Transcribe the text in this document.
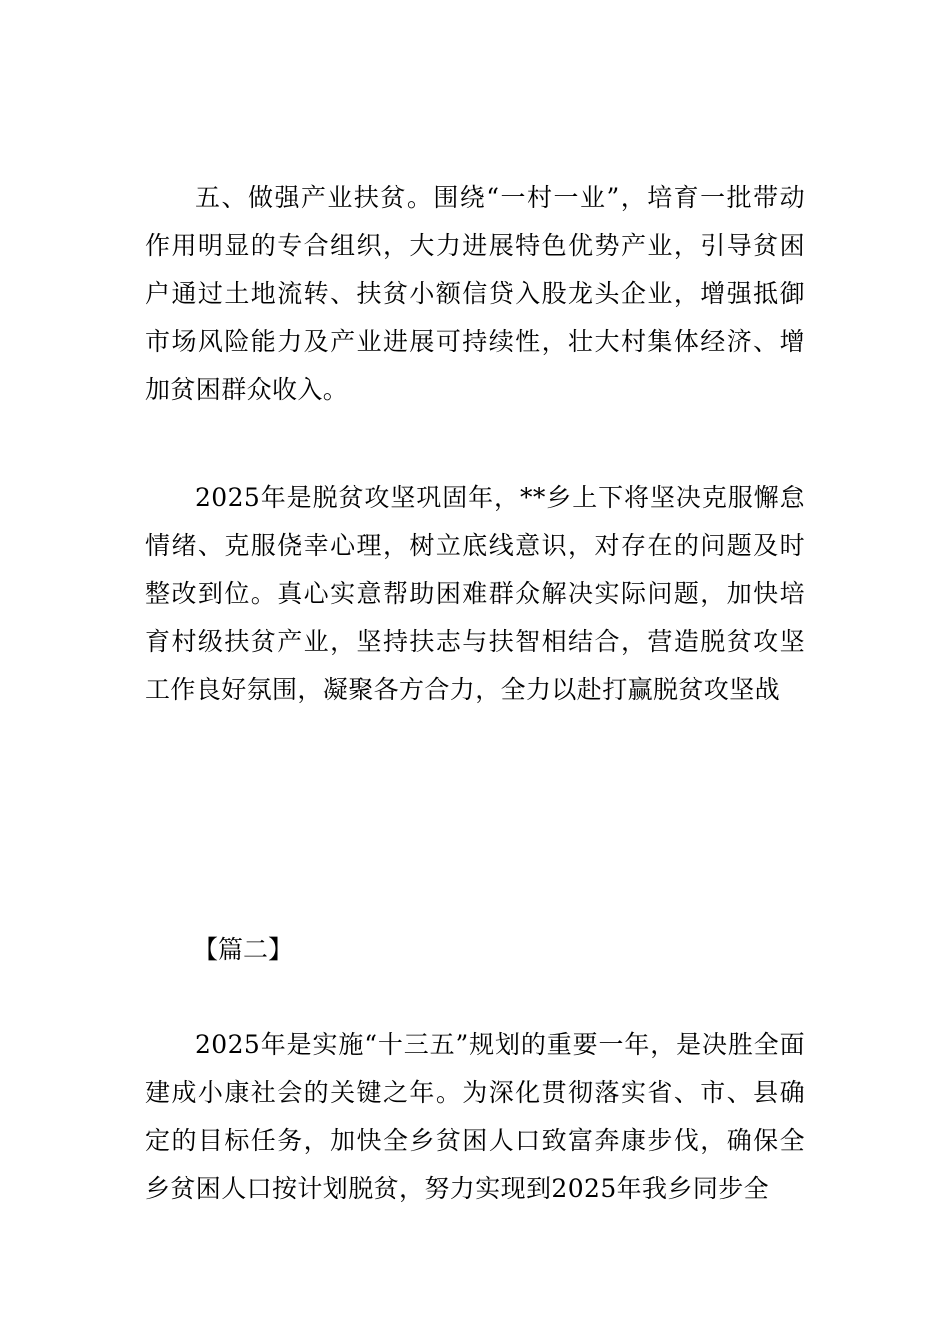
五、做强产业扶贫。围绕“一村一业”，培育一批带动作用明显的专合组织，大力进展特色优势产业，引导贫困户通过土地流转、扶贫小额信贷入股龙头企业，增强抵御市场风险能力及产业进展可持续性，壮大村集体经济、增加贫困群众收入。

2025年是脱贫攻坚巩固年，**乡上下将坚决克服懈怠情绪、克服侥幸心理，树立底线意识，对存在的问题及时整改到位。真心实意帮助困难群众解决实际问题，加快培育村级扶贫产业，坚持扶志与扶智相结合，营造脱贫攻坚工作良好氛围，凝聚各方合力，全力以赴打赢脱贫攻坚战

【篇二】

2025年是实施“十三五”规划的重要一年，是决胜全面建成小康社会的关键之年。为深化贯彻落实省、市、县确定的目标任务，加快全乡贫困人口致富奔康步伐，确保全乡贫困人口按计划脱贫，努力实现到2025年我乡同步全
